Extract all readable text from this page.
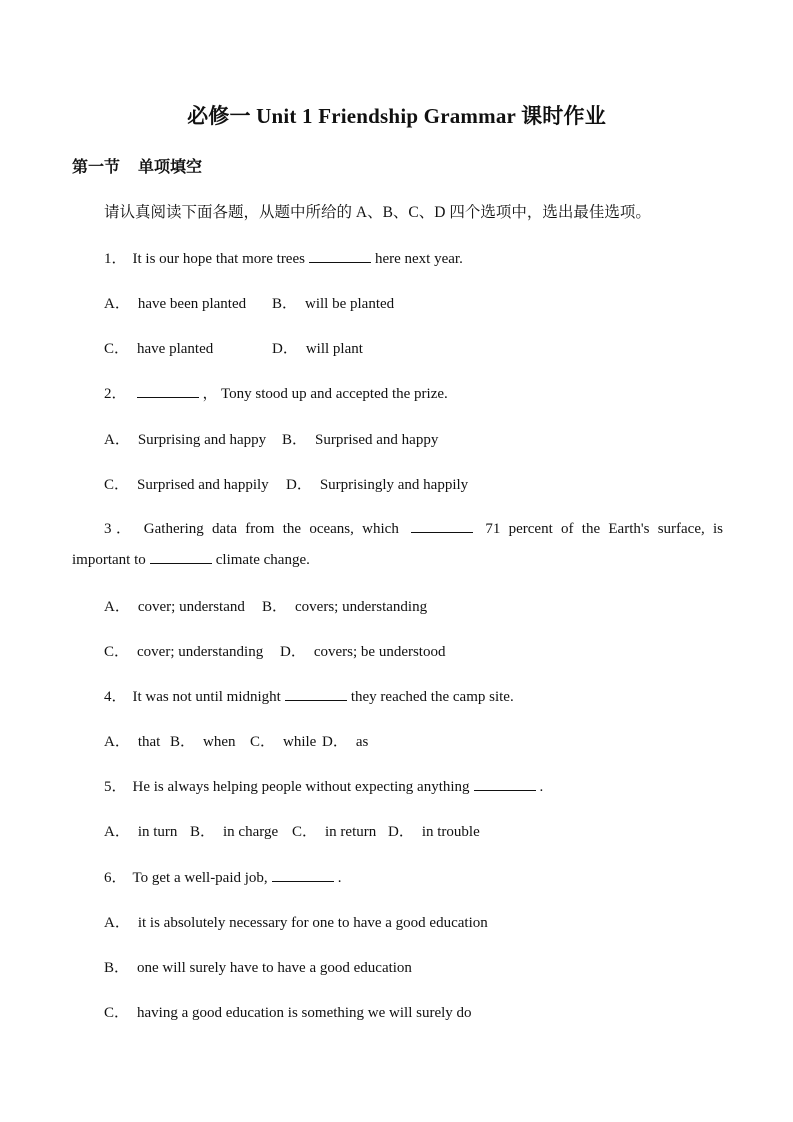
必修一 Unit 1 Friendship Grammar 课时作业
第一节 单项填空
请认真阅读下面各题，从题中所给的 A、B、C、D 四个选项中，选出最佳选项。
1． It is our hope that more trees	here next year.
A． have been planted B． will be planted
C． have planted	D． will plant
2．	， Tony stood up and accepted the prize.
A． Surprising and happy B． Surprised and happy
C． Surprised and happily D． Surprisingly and happily
3． Gathering data from the oceans, which	71 percent of the Earth's surface, is
important to	climate change.
A． cover; understand B． covers; understanding
C． cover; understanding D． covers; be understood
4． It was not until midnight	they reached the camp site.
A． that B． when C． while D． as
5． He is always helping people without expecting anything	.
A． in turn B． in charge C． in return D． in trouble
6． To get a well-paid job,	.
A． it is absolutely necessary for one to have a good education
B． one will surely have to have a good education
C． having a good education is something we will surely do
